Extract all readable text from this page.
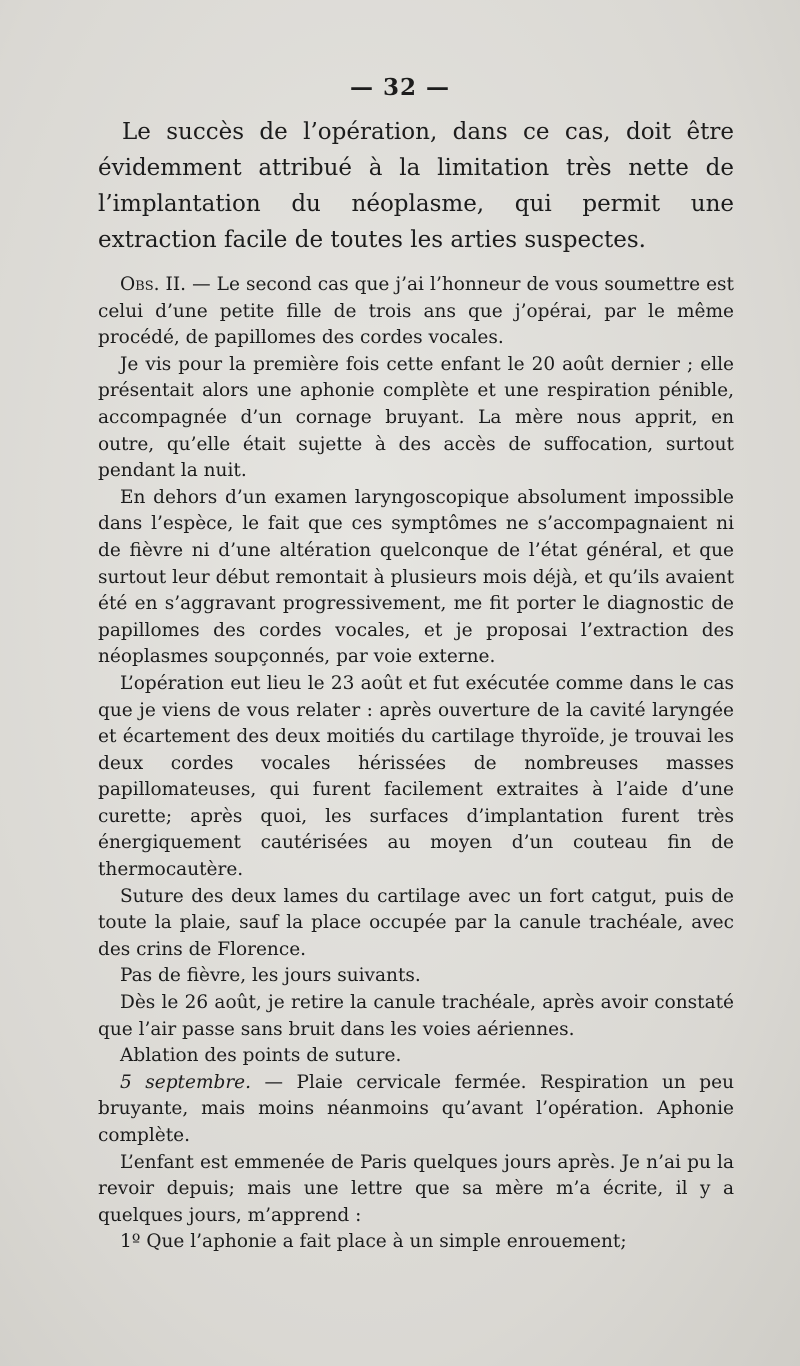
— 32 —

Le succès de l’opération, dans ce cas, doit être évidemment attribué à la limitation très nette de l’implantation du néoplasme, qui permit une extraction facile de toutes les arties suspectes.

Obs. II. — Le second cas que j’ai l’honneur de vous soumettre est celui d’une petite fille de trois ans que j’opérai, par le même procédé, de papillomes des cordes vocales.

Je vis pour la première fois cette enfant le 20 août dernier ; elle présentait alors une aphonie complète et une respiration pénible, accompagnée d’un cornage bruyant. La mère nous apprit, en outre, qu’elle était sujette à des accès de suffocation, surtout pendant la nuit.

En dehors d’un examen laryngoscopique absolument impossible dans l’espèce, le fait que ces symptômes ne s’accompagnaient ni de fièvre ni d’une altération quelconque de l’état général, et que surtout leur début remontait à plusieurs mois déjà, et qu’ils avaient été en s’aggravant progressivement, me fit porter le diagnostic de papillomes des cordes vocales, et je proposai l’extraction des néoplasmes soupçonnés, par voie externe.

L’opération eut lieu le 23 août et fut exécutée comme dans le cas que je viens de vous relater : après ouverture de la cavité laryngée et écartement des deux moitiés du cartilage thyroïde, je trouvai les deux cordes vocales hérissées de nombreuses masses papillomateuses, qui furent facilement extraites à l’aide d’une curette; après quoi, les surfaces d’implantation furent très énergiquement cautérisées au moyen d’un couteau fin de thermocautère.

Suture des deux lames du cartilage avec un fort catgut, puis de toute la plaie, sauf la place occupée par la canule trachéale, avec des crins de Florence.

Pas de fièvre, les jours suivants.

Dès le 26 août, je retire la canule trachéale, après avoir constaté que l’air passe sans bruit dans les voies aériennes.

Ablation des points de suture.

5 septembre. — Plaie cervicale fermée. Respiration un peu bruyante, mais moins néanmoins qu’avant l’opération. Aphonie complète.

L’enfant est emmenée de Paris quelques jours après. Je n’ai pu la revoir depuis; mais une lettre que sa mère m’a écrite, il y a quelques jours, m’apprend :

1º Que l’aphonie a fait place à un simple enrouement;
